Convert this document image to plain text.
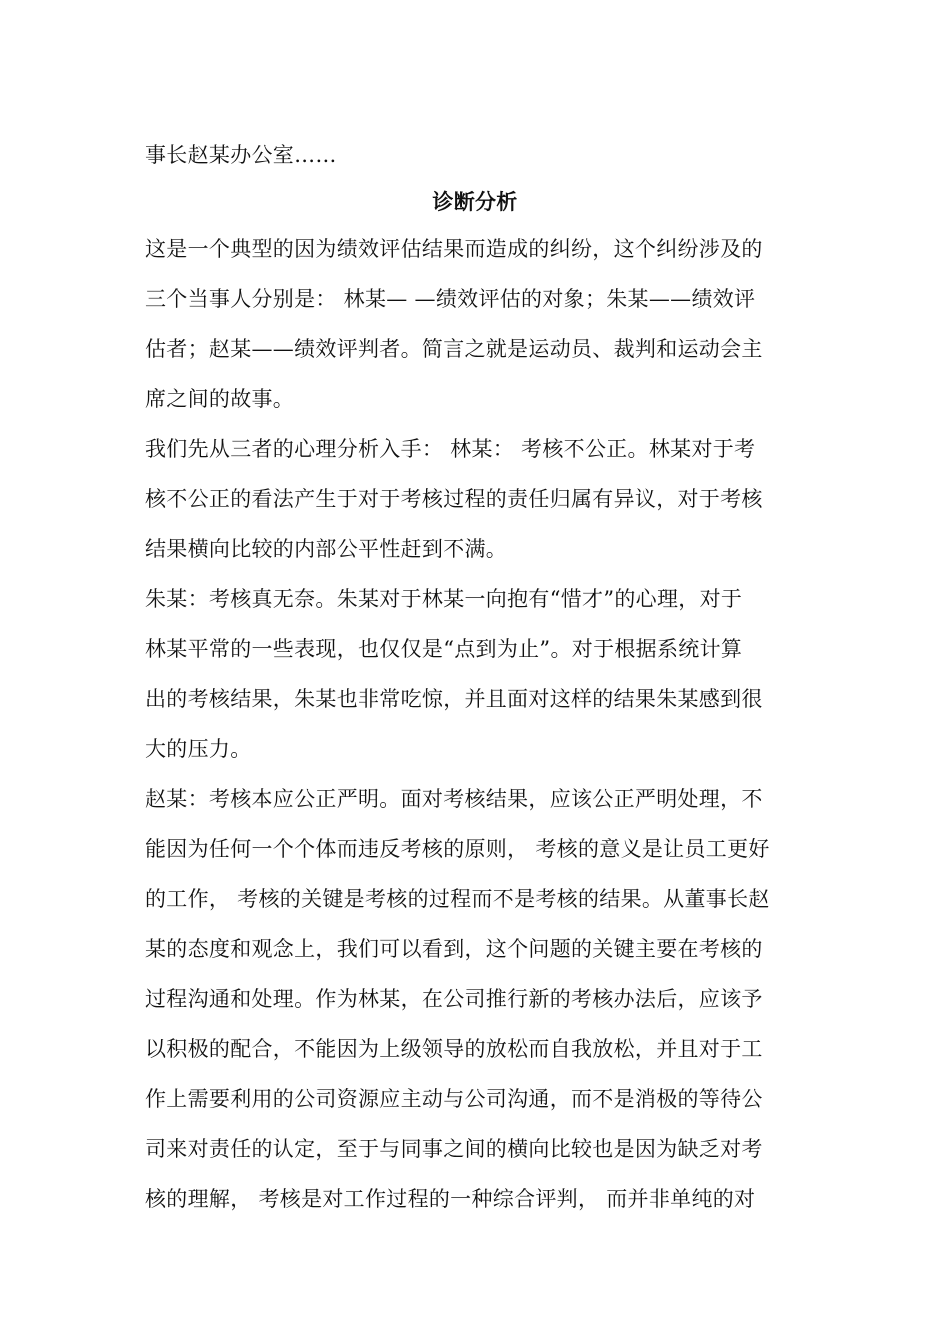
事长赵某办公室……
诊断分析
这是一个典型的因为绩效评估结果而造成的纠纷，这个纠纷涉及的
三个当事人分别是： 林某— —绩效评估的对象；朱某——绩效评
估者；赵某——绩效评判者。简言之就是运动员、裁判和运动会主
席之间的故事。
我们先从三者的心理分析入手： 林某： 考核不公正。林某对于考
核不公正的看法产生于对于考核过程的责任归属有异议，对于考核
结果横向比较的内部公平性赶到不满。
朱某：考核真无奈。朱某对于林某一向抱有“惜才”的心理，对于
林某平常的一些表现，也仅仅是“点到为止”。对于根据系统计算
出的考核结果，朱某也非常吃惊，并且面对这样的结果朱某感到很
大的压力。
赵某：考核本应公正严明。面对考核结果，应该公正严明处理，不
能因为任何一个个体而违反考核的原则， 考核的意义是让员工更好
的工作， 考核的关键是考核的过程而不是考核的结果。从董事长赵
某的态度和观念上，我们可以看到，这个问题的关键主要在考核的
过程沟通和处理。作为林某，在公司推行新的考核办法后，应该予
以积极的配合，不能因为上级领导的放松而自我放松，并且对于工
作上需要利用的公司资源应主动与公司沟通，而不是消极的等待公
司来对责任的认定，至于与同事之间的横向比较也是因为缺乏对考
核的理解， 考核是对工作过程的一种综合评判， 而并非单纯的对
